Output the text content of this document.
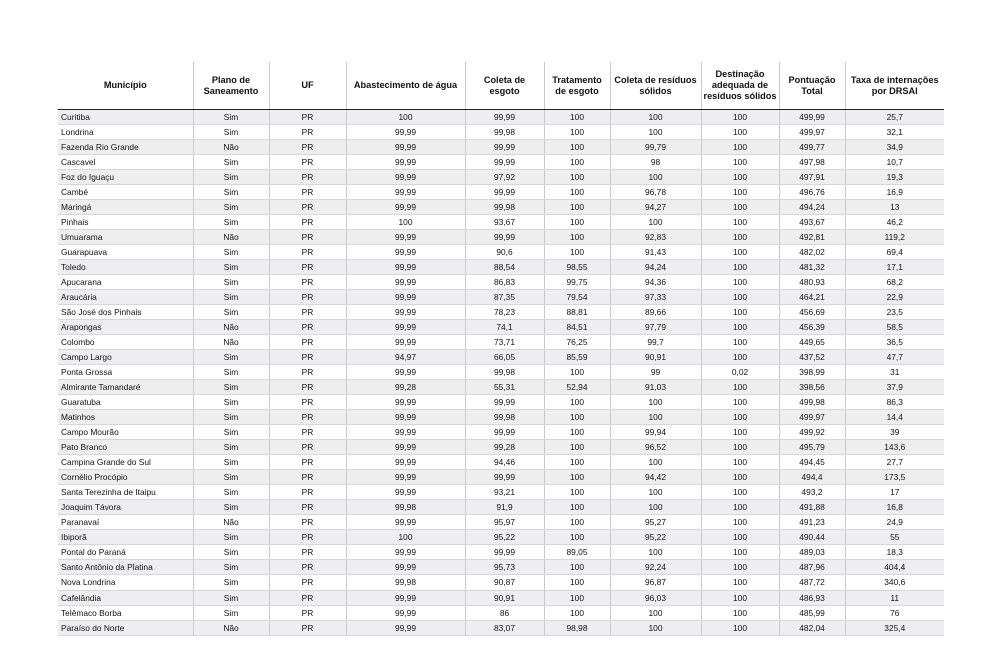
Município	Plano de Saneamento	UF	Abastecimento de água	Coleta de esgoto	Tratamento de esgoto	Coleta de resíduos sólidos	Destinação adequada de resíduos sólidos	Pontuação Total	Taxa de internações por DRSAI
Curitiba	Sim	PR	100	99,99	100	100	100	499,99	25,7
Londrina	Sim	PR	99,99	99,98	100	100	100	499,97	32,1
Fazenda Rio Grande	Não	PR	99,99	99,99	100	99,79	100	499,77	34,9
Cascavel	Sim	PR	99,99	99,99	100	98	100	497,98	10,7
Foz do Iguaçu	Sim	PR	99,99	97,92	100	100	100	497,91	19,3
Cambé	Sim	PR	99,99	99,99	100	96,78	100	496,76	16,9
Maringá	Sim	PR	99,99	99,98	100	94,27	100	494,24	13
Pinhais	Sim	PR	100	93,67	100	100	100	493,67	46,2
Umuarama	Não	PR	99,99	99,99	100	92,83	100	492,81	119,2
Guarapuava	Sim	PR	99,99	90,6	100	91,43	100	482,02	69,4
Toledo	Sim	PR	99,99	88,54	98,55	94,24	100	481,32	17,1
Apucarana	Sim	PR	99,99	86,83	99,75	94,36	100	480,93	68,2
Araucária	Sim	PR	99,99	87,35	79,54	97,33	100	464,21	22,9
São José dos Pinhais	Sim	PR	99,99	78,23	88,81	89,66	100	456,69	23,5
Arapongas	Não	PR	99,99	74,1	84,51	97,79	100	456,39	58,5
Colombo	Não	PR	99,99	73,71	76,25	99,7	100	449,65	36,5
Campo Largo	Sim	PR	94,97	66,05	85,59	90,91	100	437,52	47,7
Ponta Grossa	Sim	PR	99,99	99,98	100	99	0,02	398,99	31
Almirante Tamandaré	Sim	PR	99,28	55,31	52,94	91,03	100	398,56	37,9
Guaratuba	Sim	PR	99,99	99,99	100	100	100	499,98	86,3
Matinhos	Sim	PR	99,99	99,98	100	100	100	499,97	14,4
Campo Mourão	Sim	PR	99,99	99,99	100	99,94	100	499,92	39
Pato Branco	Sim	PR	99,99	99,28	100	96,52	100	495,79	143,6
Campina Grande do Sul	Sim	PR	99,99	94,46	100	100	100	494,45	27,7
Cornélio Procópio	Sim	PR	99,99	99,99	100	94,42	100	494,4	173,5
Santa Terezinha de Itaipu	Sim	PR	99,99	93,21	100	100	100	493,2	17
Joaquim Távora	Sim	PR	99,98	91,9	100	100	100	491,88	16,8
Paranavaí	Não	PR	99,99	95,97	100	95,27	100	491,23	24,9
Ibiporã	Sim	PR	100	95,22	100	95,22	100	490,44	55
Pontal do Paraná	Sim	PR	99,99	99,99	89,05	100	100	489,03	18,3
Santo Antônio da Platina	Sim	PR	99,99	95,73	100	92,24	100	487,96	404,4
Nova Londrina	Sim	PR	99,98	90,87	100	96,87	100	487,72	340,6
Cafelândia	Sim	PR	99,99	90,91	100	96,03	100	486,93	11
Telêmaco Borba	Sim	PR	99,99	86	100	100	100	485,99	76
Paraíso do Norte	Não	PR	99,99	83,07	98,98	100	100	482,04	325,4
